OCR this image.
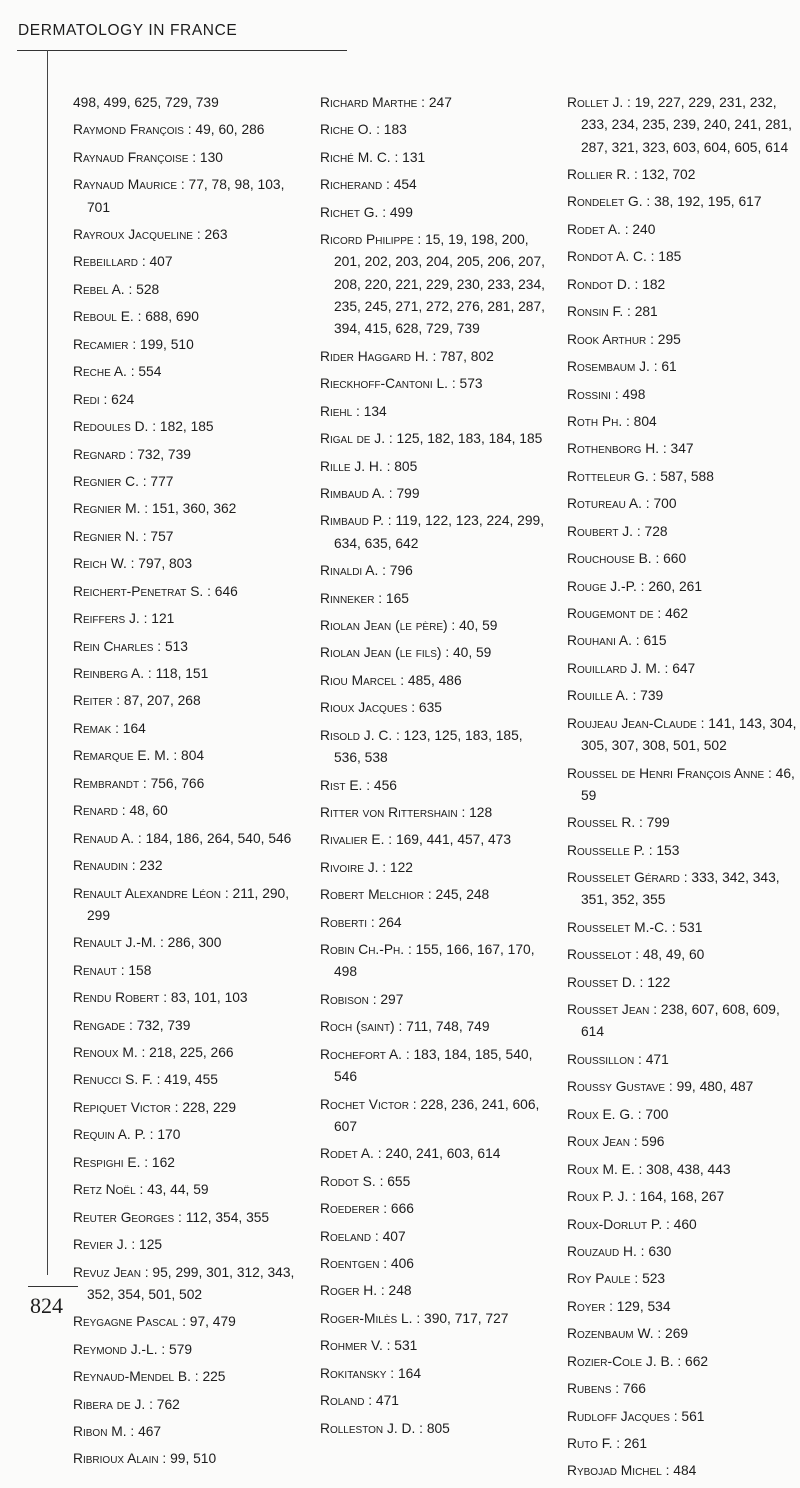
DERMATOLOGY IN FRANCE
498, 499, 625, 729, 739
Raymond François : 49, 60, 286
Raynaud Françoise : 130
Raynaud Maurice : 77, 78, 98, 103, 701
Rayroux Jacqueline : 263
Rebeillard : 407
Rebel A. : 528
Reboul E. : 688, 690
Recamier : 199, 510
Reche A. : 554
Redi : 624
Redoules D. : 182, 185
Regnard : 732, 739
Regnier C. : 777
Regnier M. : 151, 360, 362
Regnier N. : 757
Reich W. : 797, 803
Reichert-Penetrat S. : 646
Reiffers J. : 121
Rein Charles : 513
Reinberg A. : 118, 151
Reiter : 87, 207, 268
Remak : 164
Remarque E. M. : 804
Rembrandt : 756, 766
Renard : 48, 60
Renaud A. : 184, 186, 264, 540, 546
Renaudin : 232
Renault Alexandre Léon : 211, 290, 299
Renault J.-M. : 286, 300
Renaut : 158
Rendu Robert : 83, 101, 103
Rengade : 732, 739
Renoux M. : 218, 225, 266
Renucci S. F. : 419, 455
Repiquet Victor : 228, 229
Requin A. P. : 170
Respighi E. : 162
Retz Noël : 43, 44, 59
Reuter Georges : 112, 354, 355
Revier J. : 125
Revuz Jean : 95, 299, 301, 312, 343, 352, 354, 501, 502
Reygagne Pascal : 97, 479
Reymond J.-L. : 579
Reynaud-Mendel B. : 225
Ribera de J. : 762
Ribon M. : 467
Ribrioux Alain : 99, 510
Richard Marthe : 247
Riche O. : 183
Riché M. C. : 131
Richerand : 454
Richet G. : 499
Ricord Philippe : 15, 19, 198, 200, 201, 202, 203, 204, 205, 206, 207, 208, 220, 221, 229, 230, 233, 234, 235, 245, 271, 272, 276, 281, 287, 394, 415, 628, 729, 739
Rider Haggard H. : 787, 802
Rieckhoff-Cantoni L. : 573
Riehl : 134
Rigal de J. : 125, 182, 183, 184, 185
Rille J. H. : 805
Rimbaud A. : 799
Rimbaud P. : 119, 122, 123, 224, 299, 634, 635, 642
Rinaldi A. : 796
Rinneker : 165
Riolan Jean (le père) : 40, 59
Riolan Jean (le fils) : 40, 59
Riou Marcel : 485, 486
Rioux Jacques : 635
Risold J. C. : 123, 125, 183, 185, 536, 538
Rist E. : 456
Ritter von Rittershain : 128
Rivalier E. : 169, 441, 457, 473
Rivoire J. : 122
Robert Melchior : 245, 248
Roberti : 264
Robin Ch.-Ph. : 155, 166, 167, 170, 498
Robison : 297
Roch (saint) : 711, 748, 749
Rochefort A. : 183, 184, 185, 540, 546
Rochet Victor : 228, 236, 241, 606, 607
Rodet A. : 240, 241, 603, 614
Rodot S. : 655
Roederer : 666
Roeland : 407
Roentgen : 406
Roger H. : 248
Roger-Milès L. : 390, 717, 727
Rohmer V. : 531
Rokitansky : 164
Roland : 471
Rolleston J. D. : 805
Rollet J. : 19, 227, 229, 231, 232, 233, 234, 235, 239, 240, 241, 281, 287, 321, 323, 603, 604, 605, 614
Rollier R. : 132, 702
Rondelet G. : 38, 192, 195, 617
Rodet A. : 240
Rondot A. C. : 185
Rondot D. : 182
Ronsin F. : 281
Rook Arthur : 295
Rosembaum J. : 61
Rossini : 498
Roth Ph. : 804
Rothenborg H. : 347
Rotteleur G. : 587, 588
Rotureau A. : 700
Roubert J. : 728
Rouchouse B. : 660
Rouge J.-P. : 260, 261
Rougemont de : 462
Rouhani A. : 615
Rouillard J. M. : 647
Rouille A. : 739
Roujeau Jean-Claude : 141, 143, 304, 305, 307, 308, 501, 502
Roussel de Henri François Anne : 46, 59
Roussel R. : 799
Rousselle P. : 153
Rousselet Gérard : 333, 342, 343, 351, 352, 355
Rousselet M.-C. : 531
Rousselot : 48, 49, 60
Rousset D. : 122
Rousset Jean : 238, 607, 608, 609, 614
Roussillon : 471
Roussy Gustave : 99, 480, 487
Roux E. G. : 700
Roux Jean : 596
Roux M. E. : 308, 438, 443
Roux P. J. : 164, 168, 267
Roux-Dorlut P. : 460
Rouzaud H. : 630
Roy Paule : 523
Royer : 129, 534
Rozenbaum W. : 269
Rozier-Cole J. B. : 662
Rubens : 766
Rudloff Jacques : 561
Ruto F. : 261
Rybojad Michel : 484
824
